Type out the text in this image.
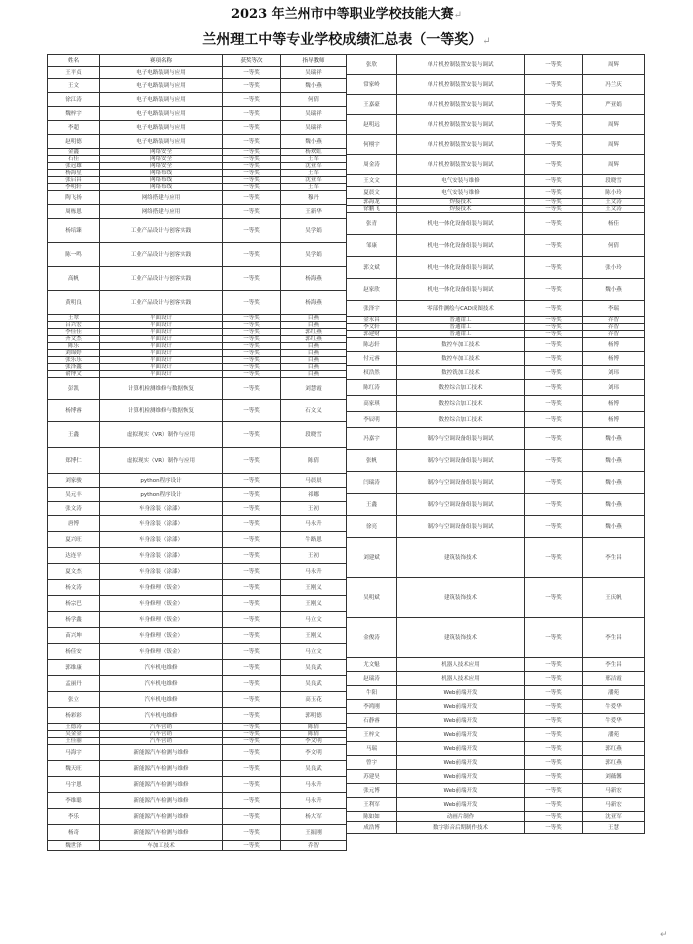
2023 年兰州市中等职业学校技能大赛↵
兰州理工中等专业学校成绩汇总表（一等奖）↵
姓名	赛项名称	获奖等次	指导教师
王平贞	电子电路装调与应用	一等奖	吴瑞祥
王文	电子电路装调与应用	一等奖	魏小燕
徐江涛	电子电路装调与应用	一等奖	何倩
魏梓宇	电子电路装调与应用	一等奖	吴瑞祥
李超	电子电路装调与应用	一等奖	吴瑞祥
赵明德	电子电路装调与应用	一等奖	魏小燕
金鑫	网络安全	一等奖	杨欢虹
石佳	网络安全	一等奖	王军
张冠雄	网络安全	一等奖	沈亚军
杨海星	网络布线	一等奖	王军
张启昌	网络布线	一等奖	沈亚军
李明轩	网络布线	一等奖	王军
陶飞扬	网络搭建与应用	一等奖	穆丹
周栋恩	网络搭建与应用	一等奖	王新华
杨培臻	工业产品设计与创客实践	一等奖	吴学娟
陈一鸣	工业产品设计与创客实践	一等奖	吴学娟
高帆	工业产品设计与创客实践	一等奖	杨海燕
黄明良	工业产品设计与创客实践	一等奖	杨海燕
王翠	平面设计	一等奖	白燕
吕兴宏	平面设计	一等奖	白燕
李佳佳	平面设计	一等奖	郭红燕
齐文杰	平面设计	一等奖	郭红燕
陈乐	平面设计	一等奖	白燕
刘锦婷	平面设计	一等奖	白燕
张乐乐	平面设计	一等奖	白燕
张泽鑫	平面设计	一等奖	白燕
俞博文	平面设计	一等奖	白燕
彭凯	计算机检测维修与数据恢复	一等奖	刘慧霞
杨博睿	计算机检测维修与数据恢复	一等奖	石文义
王鑫	虚拟现实（VR）制作与应用	一等奖	段晓雪
郑博仁	虚拟现实（VR）制作与应用	一等奖	陈倩
刘家骏	python程序设计	一等奖	马晨晨
吴元丰	python程序设计	一等奖	祁娜
张文涛	车身涂装（涂漆）	一等奖	王初
唐博	车身涂装（涂漆）	一等奖	马永升
夏兴旺	车身涂装（涂漆）	一等奖	牛路恩
达连平	车身涂装（涂漆）	一等奖	王初
夏文杰	车身涂装（涂漆）	一等奖	马永升
杨文涛	车身修理（钣金）	一等奖	王刚义
杨宗巴	车身修理（钣金）	一等奖	王刚义
杨学鑫	车身修理（钣金）	一等奖	马立文
苗兴坤	车身修理（钣金）	一等奖	王刚义
杨佳安	车身修理（钣金）	一等奖	马立文
郭维康	汽车机电维修	一等奖	吴良武
孟丽丹	汽车机电维修	一等奖	吴良武
张立	汽车机电维修	一等奖	高玉花
杨彩彩	汽车机电维修	一等奖	郭明德
王德涛	汽车营销	一等奖	陈倩
吴金金	汽车营销	一等奖	陈倩
王佳丽	汽车营销	一等奖	李文明
马海宇	新能源汽车检测与维修	一等奖	李文明
魏天旺	新能源汽车检测与维修	一等奖	吴良武
马宇恩	新能源汽车检测与维修	一等奖	马永升
李维聪	新能源汽车检测与维修	一等奖	马永升
李乐	新能源汽车检测与维修	一等奖	杨大军
杨奇	新能源汽车检测与维修	一等奖	王振刚
魏世泽	车加工技术	一等奖	乔智
张欣	单片机控制装置安装与调试	一等奖	周辉
常家岭	单片机控制装置安装与调试	一等奖	冯兰庆
王嘉豪	单片机控制装置安装与调试	一等奖	严亚娟
赵明远	单片机控制装置安装与调试	一等奖	周辉
何栩宇	单片机控制装置安装与调试	一等奖	周辉
周金涛	单片机控制装置安装与调试	一等奖	周辉
王文文	电气安装与维修	一等奖	段晓雪
夏晨文	电气安装与维修	一等奖	陈小玲
郭海龙	焊接技术	一等奖	王文涛
徐鹏飞	焊接技术	一等奖	王文涛
张青	机电一体化设备组装与调试	一等奖	杨佳
邹康	机电一体化设备组装与调试	一等奖	何倩
郭文斌	机电一体化设备组装与调试	一等奖	张小玲
赵家欣	机电一体化设备组装与调试	一等奖	魏小燕
张泽宇	零部件测绘与CAD成图技术	一等奖	李瑞
金永昌	普通钳工	一等奖	乔智
李文轩	普通钳工	一等奖	乔智
郭建财	普通钳工	一等奖	乔智
陈志轩	数控车加工技术	一等奖	杨博
付元睿	数控车加工技术	一等奖	杨博
权浩然	数控铣加工技术	一等奖	刘玮
陈红涛	数控综合加工技术	一等奖	刘玮
高家琪	数控综合加工技术	一等奖	杨博
李辰明	数控综合加工技术	一等奖	杨博
冯嘉宇	制冷与空调设备组装与调试	一等奖	魏小燕
张帆	制冷与空调设备组装与调试	一等奖	魏小燕
闫瑞涛	制冷与空调设备组装与调试	一等奖	魏小燕
王鑫	制冷与空调设备组装与调试	一等奖	魏小燕
徐亮	制冷与空调设备组装与调试	一等奖	魏小燕
刘建斌	建筑装饰技术	一等奖	李生昌
吴明斌	建筑装饰技术	一等奖	王庆帆
金俊涛	建筑装饰技术	一等奖	李生昌
尤文魁	机器人技术应用	一等奖	李生昌
赵瑞涛	机器人技术应用	一等奖	邢洁霞
牛阳	Web前端开发	一等奖	潘苑
李鸿刚	Web前端开发	一等奖	牛爱华
石静睿	Web前端开发	一等奖	牛爱华
王梓文	Web前端开发	一等奖	潘苑
马瑞	Web前端开发	一等奖	郭红燕
曾宇	Web前端开发	一等奖	郭红燕
苏建昊	Web前端开发	一等奖	刘薇馨
张元博	Web前端开发	一等奖	马新宏
王利军	Web前端开发	一等奖	马新宏
陈如如	动画片制作	一等奖	沈亚军
成浩博	数字影音后期制作技术	一等奖	王慧
↵
